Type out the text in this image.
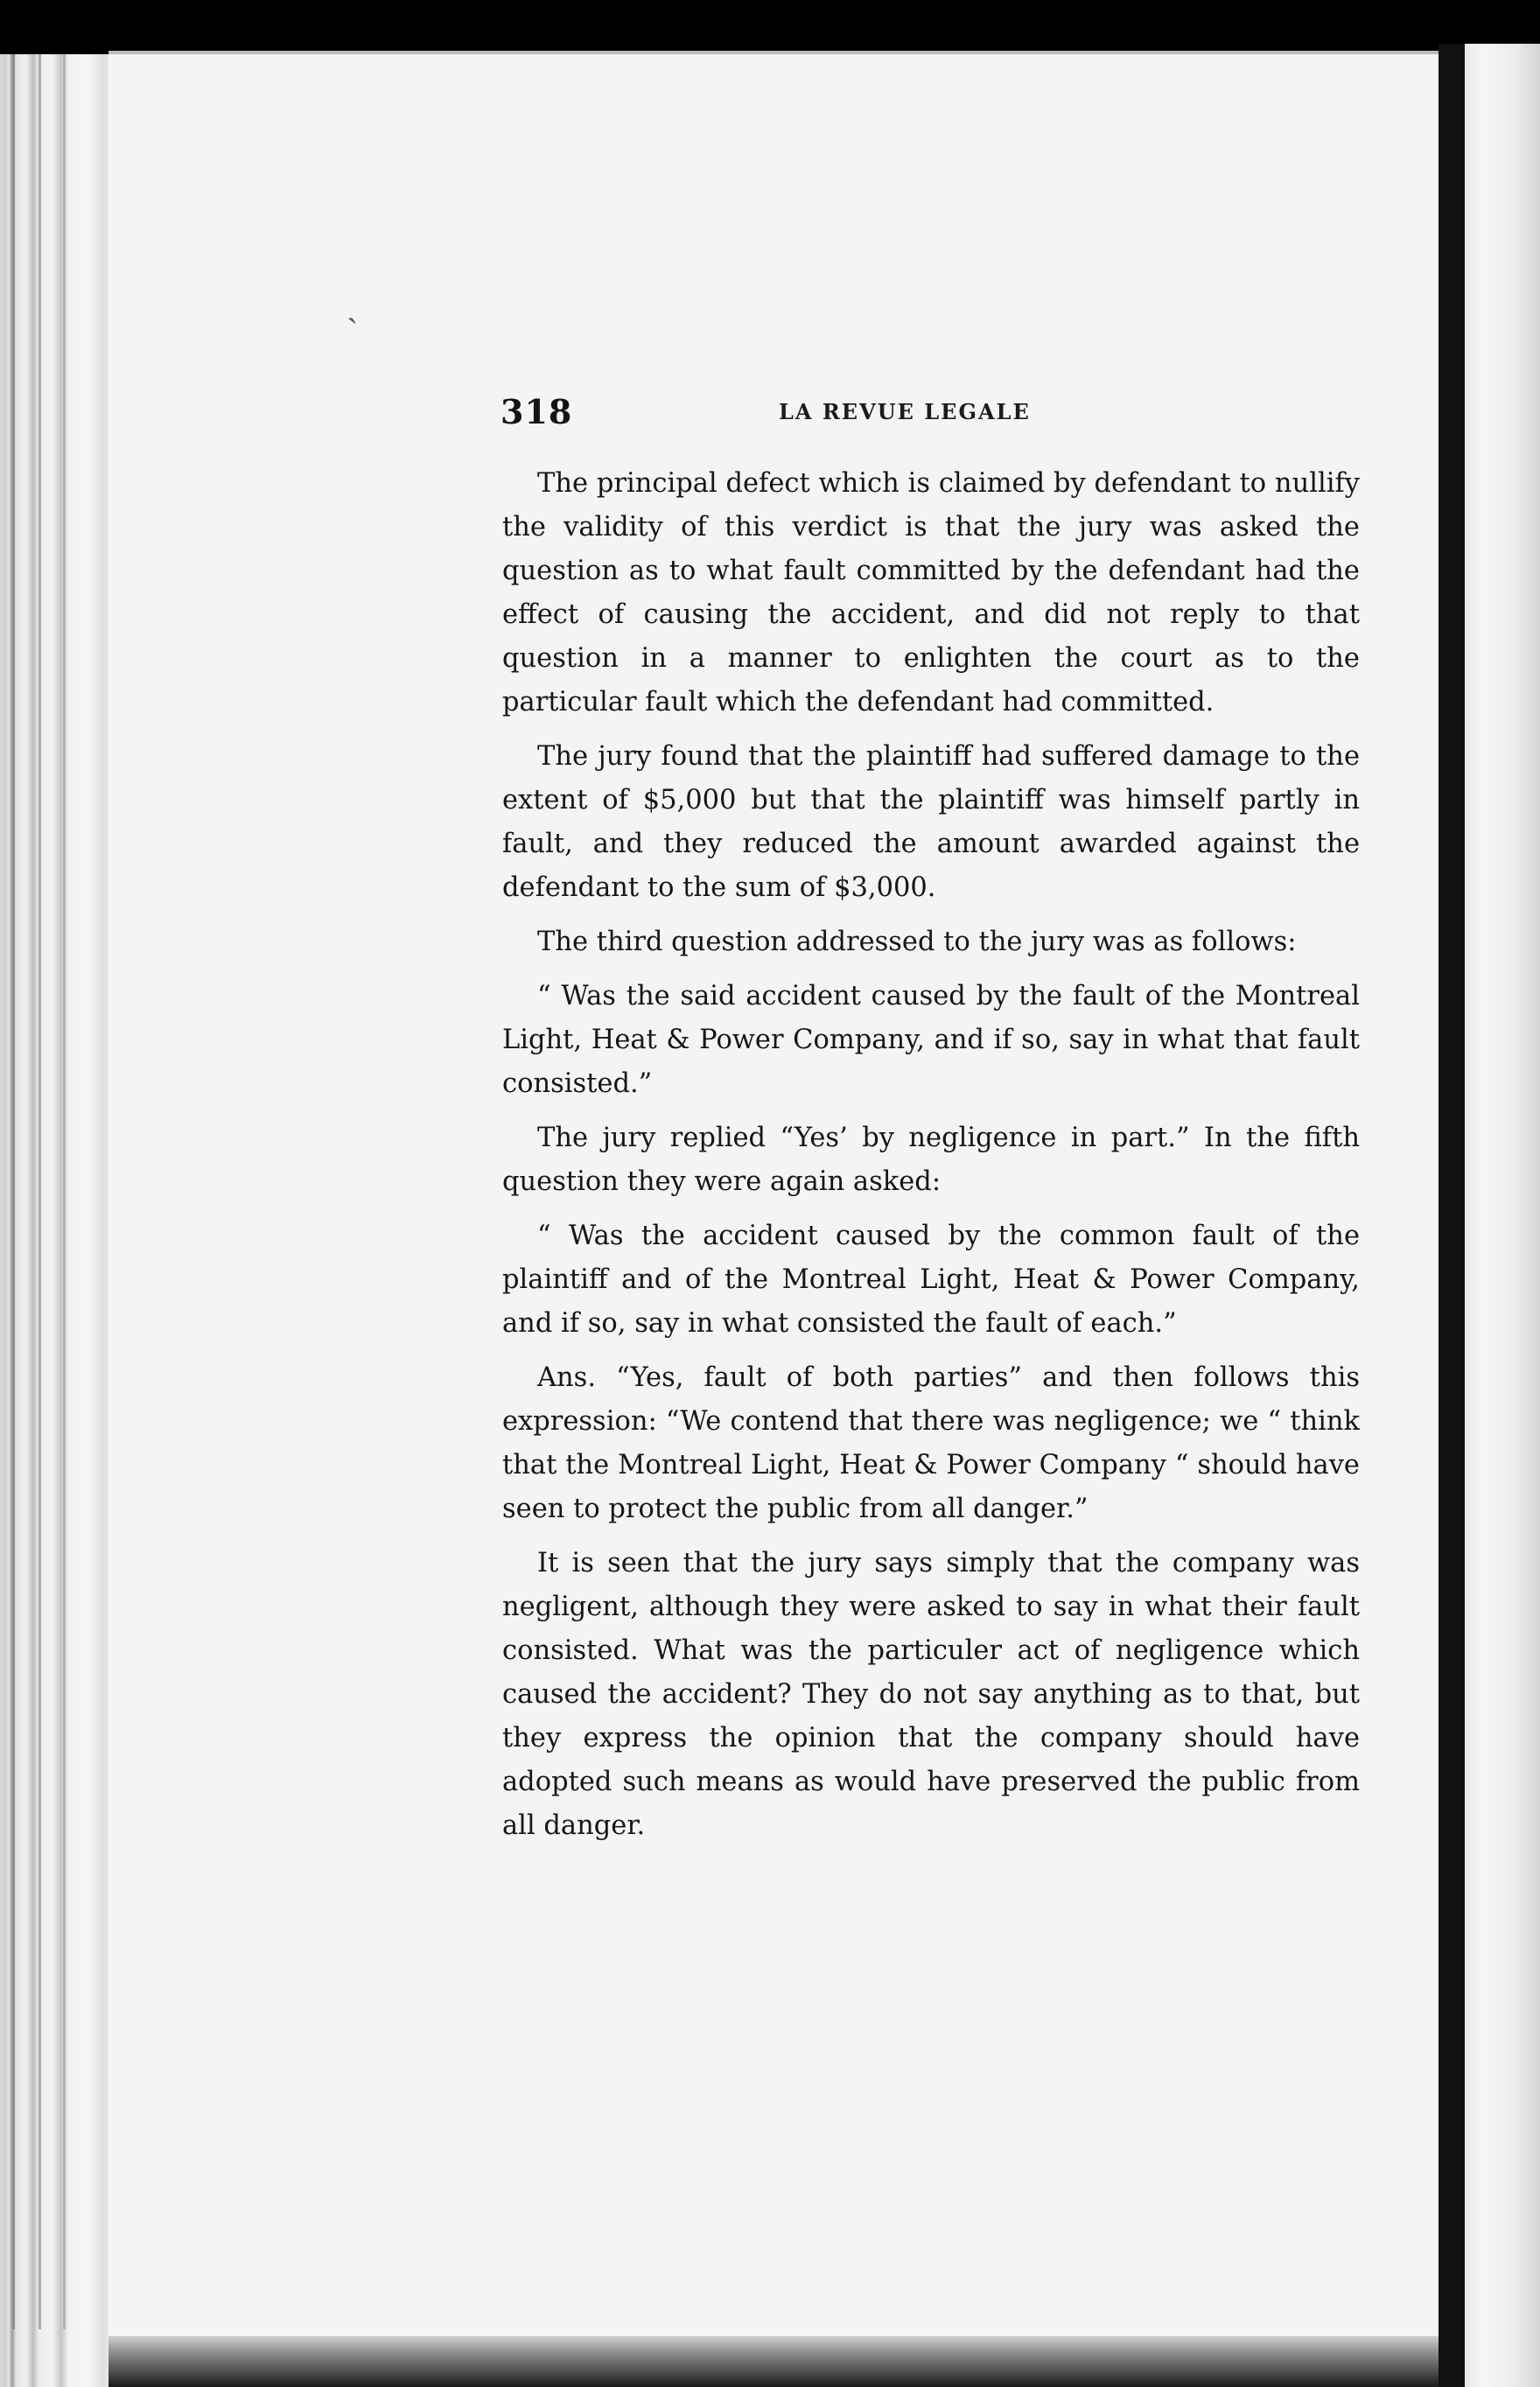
ˏ
318	LA REVUE LEGALE

The principal defect which is claimed by defendant to nullify the validity of this verdict is that the jury was asked the question as to what fault committed by the defendant had the effect of causing the accident, and did not reply to that question in a manner to enlighten the court as to the particular fault which the defendant had committed.

The jury found that the plaintiff had suffered damage to the extent of $5,000 but that the plaintiff was himself partly in fault, and they reduced the amount awarded against the defendant to the sum of $3,000.

The third question addressed to the jury was as follows:

“ Was the said accident caused by the fault of the Montreal Light, Heat & Power Company, and if so, say in what that fault consisted.”

The jury replied “Yes’ by negligence in part.” In the fifth question they were again asked:

“ Was the accident caused by the common fault of the plaintiff and of the Montreal Light, Heat & Power Company, and if so, say in what consisted the fault of each.”

Ans. “Yes, fault of both parties” and then follows this expression: “We contend that there was negligence; we “ think that the Montreal Light, Heat & Power Company “ should have seen to protect the public from all danger.”

It is seen that the jury says simply that the company was negligent, although they were asked to say in what their fault consisted. What was the particuler act of negligence which caused the accident? They do not say anything as to that, but they express the opinion that the company should have adopted such means as would have preserved the public from all danger.
